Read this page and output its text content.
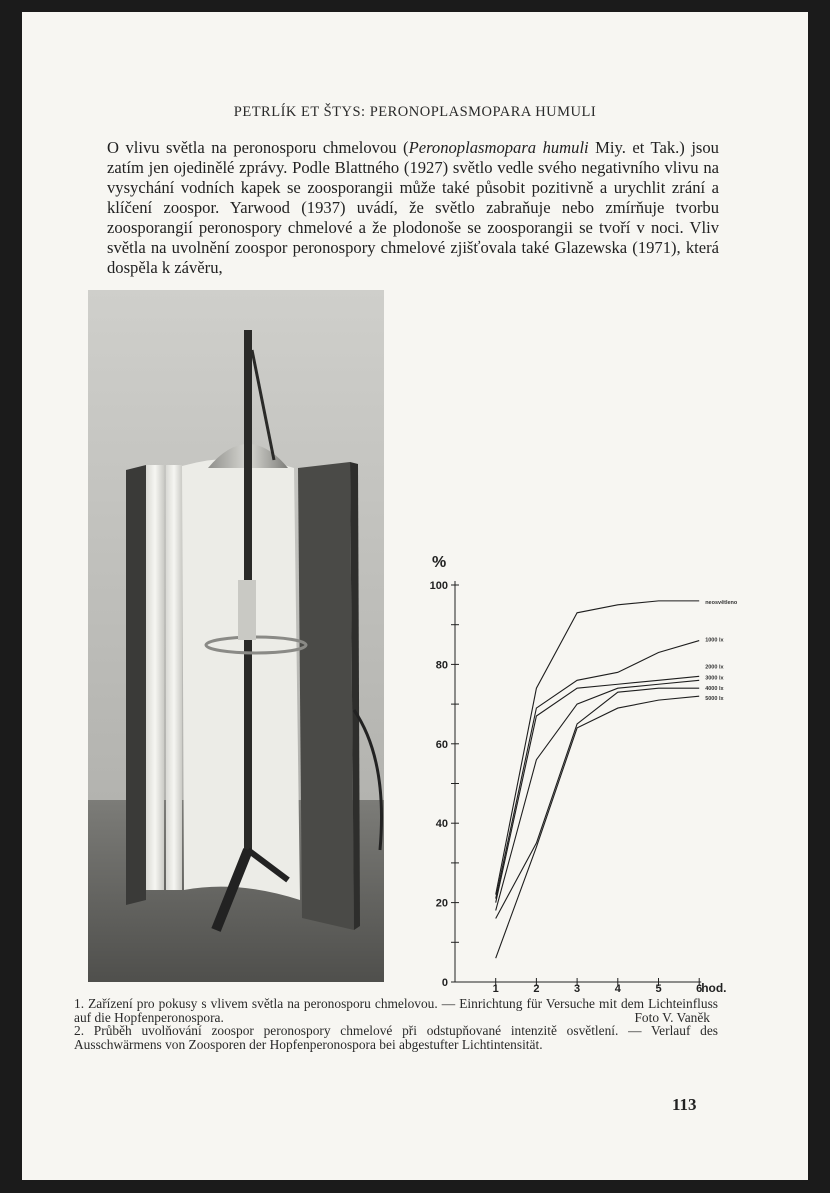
PETRLÍK ET ŠTYS: PERONOPLASMOPARA HUMULI
O vlivu světla na peronosporu chmelovou (Peronoplasmopara humuli Miy. et Tak.) jsou zatím jen ojedinělé zprávy. Podle Blattného (1927) světlo vedle svého negativního vlivu na vysychání vodních kapek se zoosporangii může také působit pozitivně a urychlit zrání a klíčení zoospor. Yarwood (1937) uvádí, že světlo zabraňuje nebo zmírňuje tvorbu zoosporangií peronospory chmelové a že plodonoše se zoosporangii se tvoří v noci. Vliv světla na uvolnění zoospor peronospory chmelové zjišťovala také Glazewska (1971), která dospěla k závěru,
0
20
40
60
80
100
1	2	3	4	5	6
neosvětleno
1000 lx
2000 lx
3000 lx
4000 lx
5000 lx
%
hod.

1. Zařízení pro pokusy s vlivem světla na peronosporu chmelovou. — Einrichtung für Versuche mit dem Lichteinfluss auf die Hopfenperonospora.	Foto V. Vaněk

2. Průběh uvolňování zoospor peronospory chmelové při odstupňované intenzitě osvětlení. — Verlauf des Ausschwärmens von Zoosporen der Hopfenperonospora bei abgestufter Lichtintensität.

113
